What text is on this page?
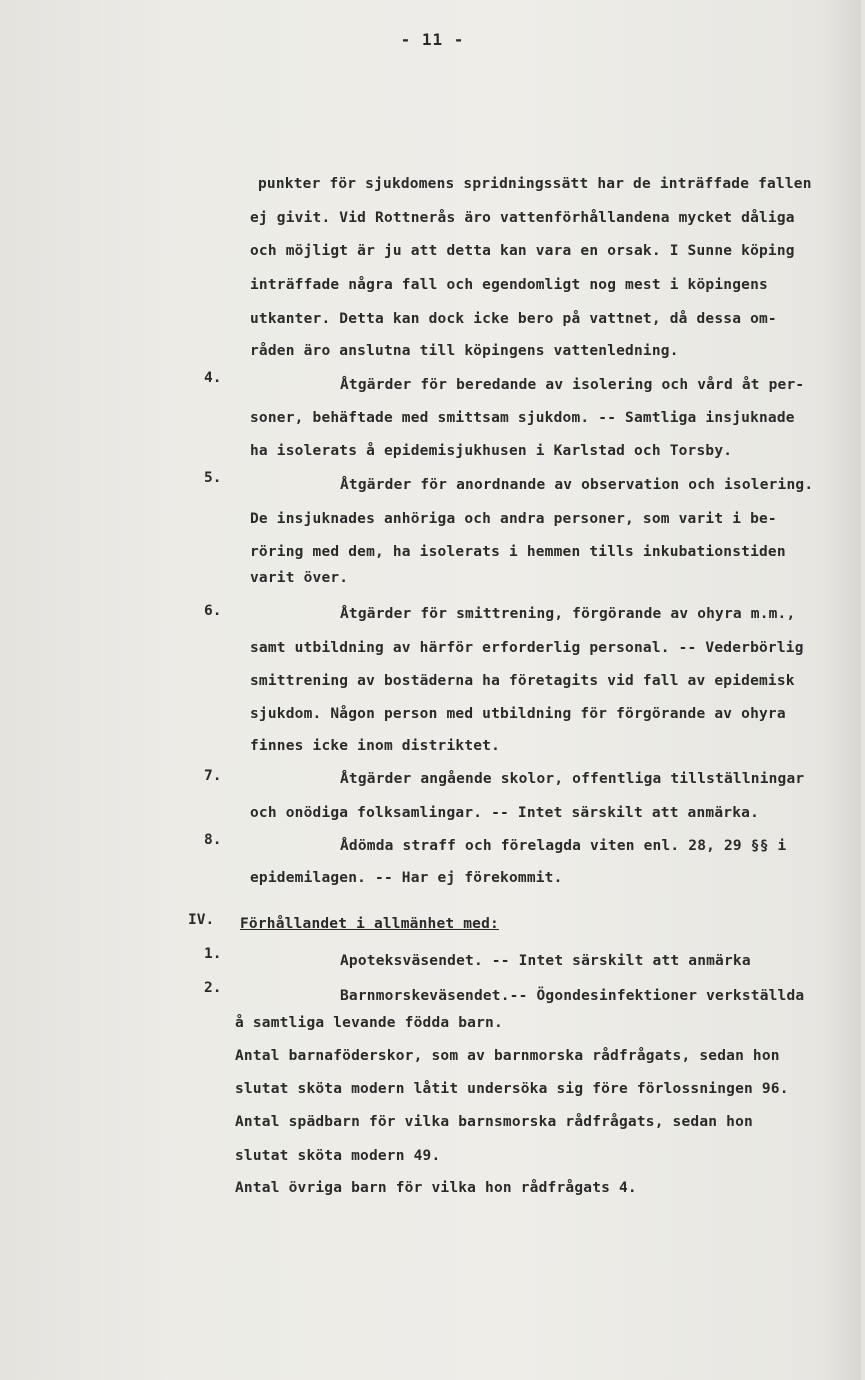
- 11 -
punkter för sjukdomens spridningssätt har de inträffade fallen
ej givit. Vid Rottnerås äro vattenförhållandena mycket dåliga
och möjligt är ju att detta kan vara en orsak. I Sunne köping
inträffade några fall och egendomligt nog mest i köpingens
utkanter. Detta kan dock icke bero på vattnet, då dessa om-
råden äro anslutna till köpingens vattenledning.
4.	Åtgärder för beredande av isolering och vård åt per-
soner, behäftade med smittsam sjukdom. -- Samtliga insjuknade
ha isolerats å epidemisjukhusen i Karlstad och Torsby.
5.	Åtgärder för anordnande av observation och isolering.
De insjuknades anhöriga och andra personer, som varit i be-
röring med dem, ha isolerats i hemmen tills inkubationstiden
varit över.
6.	Åtgärder för smittrening, förgörande av ohyra m.m.,
samt utbildning av härför erforderlig personal. -- Vederbörlig
smittrening av bostäderna ha företagits vid fall av epidemisk
sjukdom. Någon person med utbildning för förgörande av ohyra
finnes icke inom distriktet.
7.	Åtgärder angående skolor, offentliga tillställningar
och onödiga folksamlingar. -- Intet särskilt att anmärka.
8.	Ådömda straff och förelagda viten enl. 28, 29 §§ i
epidemilagen. -- Har ej förekommit.
IV. Förhållandet i allmänhet med:
1.	Apoteksväsendet. -- Intet särskilt att anmärka
2.	Barnmorskeväsendet.-- Ögondesinfektioner verkställda
å samtliga levande födda barn.
Antal barnaföderskor, som av barnmorska rådfrågats, sedan hon
slutat sköta modern låtit undersöka sig före förlossningen 96.
Antal spädbarn för vilka barnsmorska rådfrågats, sedan hon
slutat sköta modern 49.
Antal övriga barn för vilka hon rådfrågats 4.
